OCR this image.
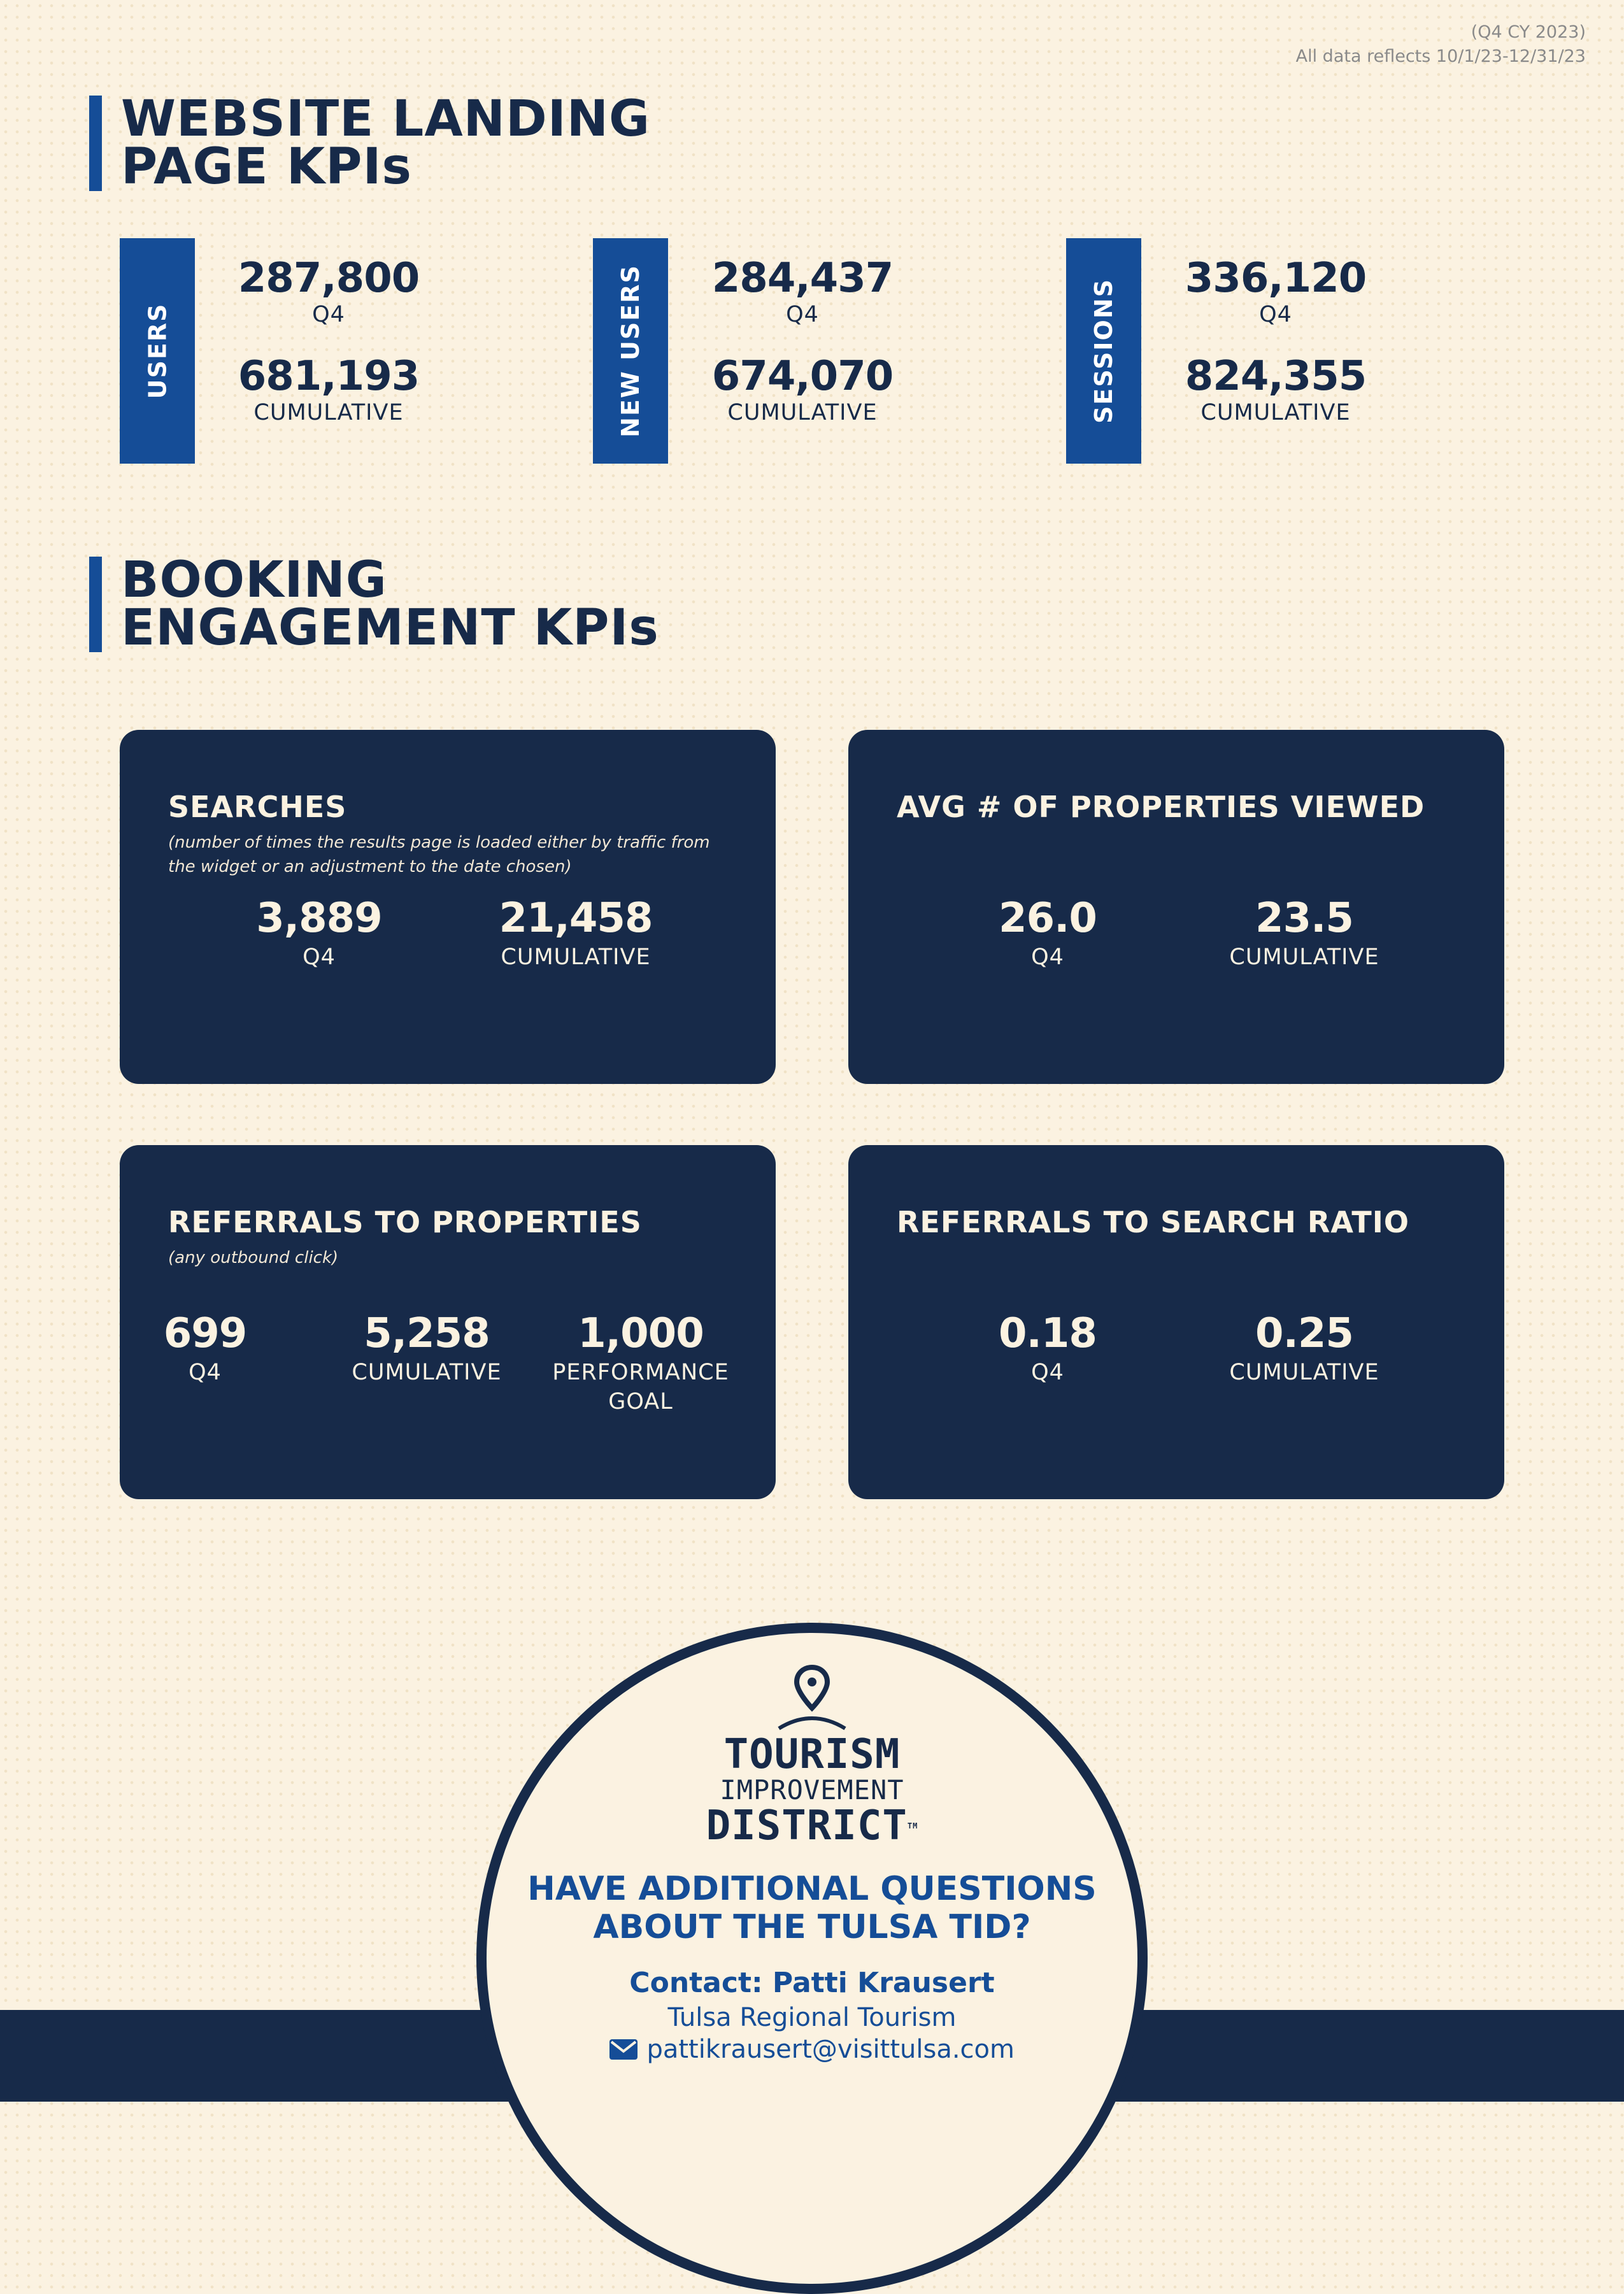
(Q4 CY 2023)
All data reflects 10/1/23-12/31/23
WEBSITE LANDING
PAGE KPIs
USERS
287,800
Q4
681,193
CUMULATIVE	NEW USERS 284,437
Q4
674,070
CUMULATIVE	SESSIONS
336,120
Q4
824,355
CUMULATIVE
BOOKING
ENGAGEMENT KPIs
SEARCHES
(number of times the results page is loaded either by traffic from the widget or an adjustment to the date chosen)
3,889
Q4
21,458
CUMULATIVE
AVG # OF PROPERTIES VIEWED
26.0
Q4
23.5
CUMULATIVE
REFERRALS TO PROPERTIES
(any outbound click)
699
Q4
5,258
CUMULATIVE
1,000
PERFORMANCE
GOAL
REFERRALS TO SEARCH RATIO
0.18
Q4
0.25
CUMULATIVE
TOURISM
IMPROVEMENT
DISTRICTTM
HAVE ADDITIONAL QUESTIONS
ABOUT THE TULSA TID?
Contact: Patti Krausert
Tulsa Regional Tourism
pattikrausert@visittulsa.com
